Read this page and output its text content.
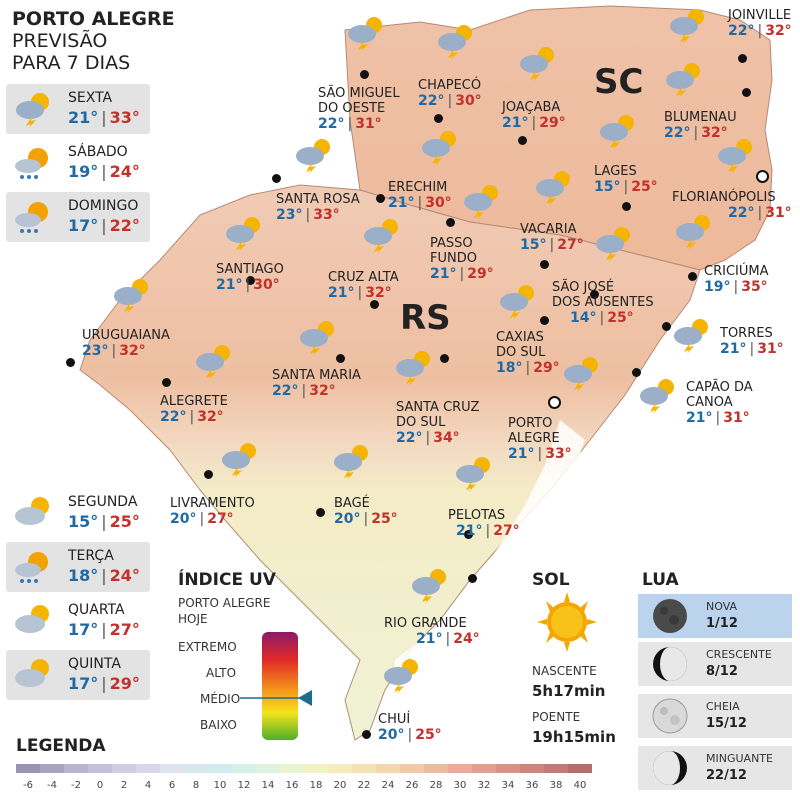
PORTO ALEGRE
PREVISÃO
PARA 7 DIAS
SEXTA
21° | 33°
SÁBADO
19° | 24°
DOMINGO
17° | 22°
SEGUNDA
15° | 25°
TERÇA
18° | 24°
QUARTA
17° | 27°
QUINTA
17° | 29°
SC
RS
JOINVILLE
22° | 32°
CHAPECÓ
22° | 30°
SÃO MIGUEL
DO OESTE
22° | 31°
JOAÇABA
21° | 29°	BLUMENAU
22° | 32°
LAGES
15° | 25°
FLORIANÓPOLIS
22° | 31°
ERECHIM
21° | 30°
SANTA ROSA
23° | 33°
VACARIA
15° | 27°
PASSO
FUNDO
21° | 29°
SANTIAGO
21° | 30°	CRUZ ALTA
21° | 32°
CRICIÚMA
19° | 35°
SÃO JOSÉ
DOS AUSENTES
14° | 25°
URUGUAIANA
23° | 32°
TORRES
21° | 31°
CAXIAS
DO SUL
18° | 29°
SANTA MARIA
22° | 32°	CAPÃO DA
CANOA
21° | 31°
ALEGRETE
22° | 32°
SANTA CRUZ
DO SUL
22° | 34°
PORTO
ALEGRE
21° | 33°
LIVRAMENTO
20° | 27°
BAGÉ
20° | 25°	PELOTAS
21° | 27°
RIO GRANDE
21° | 24°
CHUÍ
20° | 25°
ÍNDICE UV
PORTO ALEGRE
HOJE
EXTREMO
ALTO
MÉDIO
BAIXO
SOL
NASCENTE
5h17min
POENTE
19h15min
LUA
NOVA
1/12
CRESCENTE
8/12
CHEIA
15/12
MINGUANTE
22/12
LEGENDA
-6	-4	-2	0	2	4	6	8	10	12	14	16	18	20	22	24	26	28	30	32	34	36	38	40
